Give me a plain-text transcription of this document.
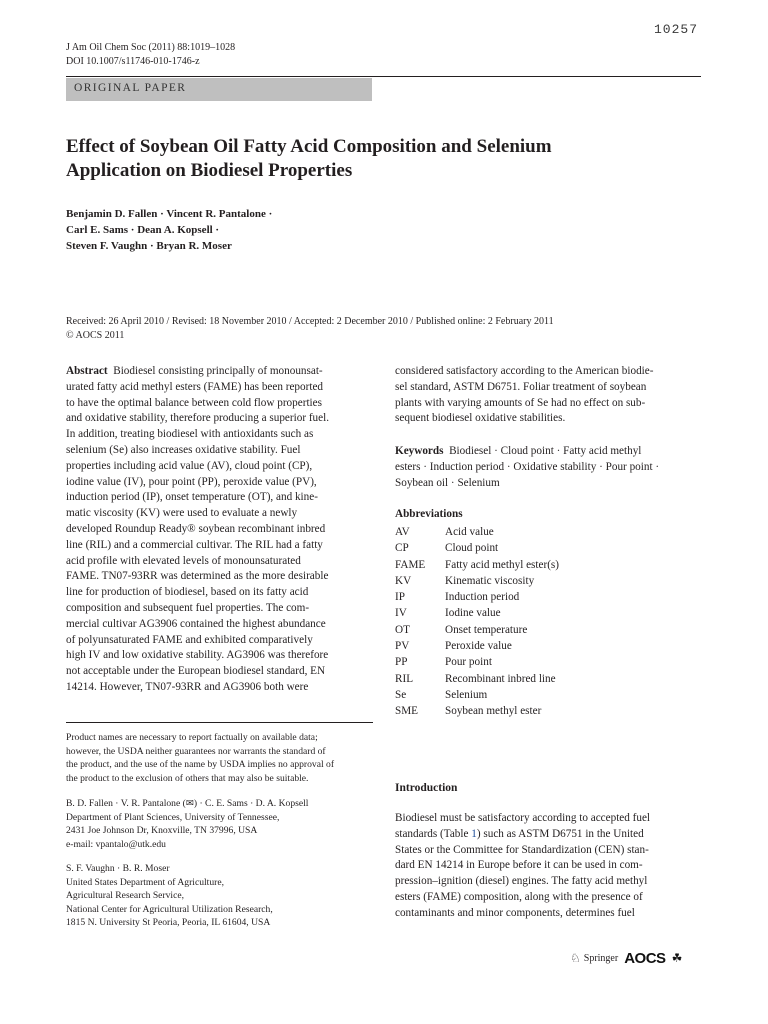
10257
J Am Oil Chem Soc (2011) 88:1019–1028
DOI 10.1007/s11746-010-1746-z
ORIGINAL PAPER
Effect of Soybean Oil Fatty Acid Composition and Selenium
Application on Biodiesel Properties
Benjamin D. Fallen · Vincent R. Pantalone ·
Carl E. Sams · Dean A. Kopsell ·
Steven F. Vaughn · Bryan R. Moser
Received: 26 April 2010 / Revised: 18 November 2010 / Accepted: 2 December 2010 / Published online: 2 February 2011
© AOCS 2011
Abstract Biodiesel consisting principally of monounsat-
urated fatty acid methyl esters (FAME) has been reported
to have the optimal balance between cold flow properties
and oxidative stability, therefore producing a superior fuel.
In addition, treating biodiesel with antioxidants such as
selenium (Se) also increases oxidative stability. Fuel
properties including acid value (AV), cloud point (CP),
iodine value (IV), pour point (PP), peroxide value (PV),
induction period (IP), onset temperature (OT), and kine-
matic viscosity (KV) were used to evaluate a newly
developed Roundup Ready® soybean recombinant inbred
line (RIL) and a commercial cultivar. The RIL had a fatty
acid profile with elevated levels of monounsaturated
FAME. TN07-93RR was determined as the more desirable
line for production of biodiesel, based on its fatty acid
composition and subsequent fuel properties. The com-
mercial cultivar AG3906 contained the highest abundance
of polyunsaturated FAME and exhibited comparatively
high IV and low oxidative stability. AG3906 was therefore
not acceptable under the European biodiesel standard, EN
14214. However, TN07-93RR and AG3906 both were
considered satisfactory according to the American biodie-
sel standard, ASTM D6751. Foliar treatment of soybean
plants with varying amounts of Se had no effect on sub-
sequent biodiesel oxidative stabilities.
Keywords Biodiesel · Cloud point · Fatty acid methyl
esters · Induction period · Oxidative stability · Pour point ·
Soybean oil · Selenium
Abbreviations
AV	Acid value
CP	Cloud point
FAME	Fatty acid methyl ester(s)
KV	Kinematic viscosity
IP	Induction period
IV	Iodine value
OT	Onset temperature
PV	Peroxide value
PP	Pour point
RIL	Recombinant inbred line
Se	Selenium
SME	Soybean methyl ester
Product names are necessary to report factually on available data;
however, the USDA neither guarantees nor warrants the standard of
the product, and the use of the name by USDA implies no approval of
the product to the exclusion of others that may also be suitable.
B. D. Fallen · V. R. Pantalone (✉) · C. E. Sams · D. A. Kopsell
Department of Plant Sciences, University of Tennessee,
2431 Joe Johnson Dr, Knoxville, TN 37996, USA
e-mail: vpantalo@utk.edu
S. F. Vaughn · B. R. Moser
United States Department of Agriculture,
Agricultural Research Service,
National Center for Agricultural Utilization Research,
1815 N. University St Peoria, Peoria, IL 61604, USA
Introduction
Biodiesel must be satisfactory according to accepted fuel
standards (Table 1) such as ASTM D6751 in the United
States or the Committee for Standardization (CEN) stan-
dard EN 14214 in Europe before it can be used in com-
pression–ignition (diesel) engines. The fatty acid methyl
esters (FAME) composition, along with the presence of
contaminants and minor components, determines fuel
♘ Springer AOCS ☘
